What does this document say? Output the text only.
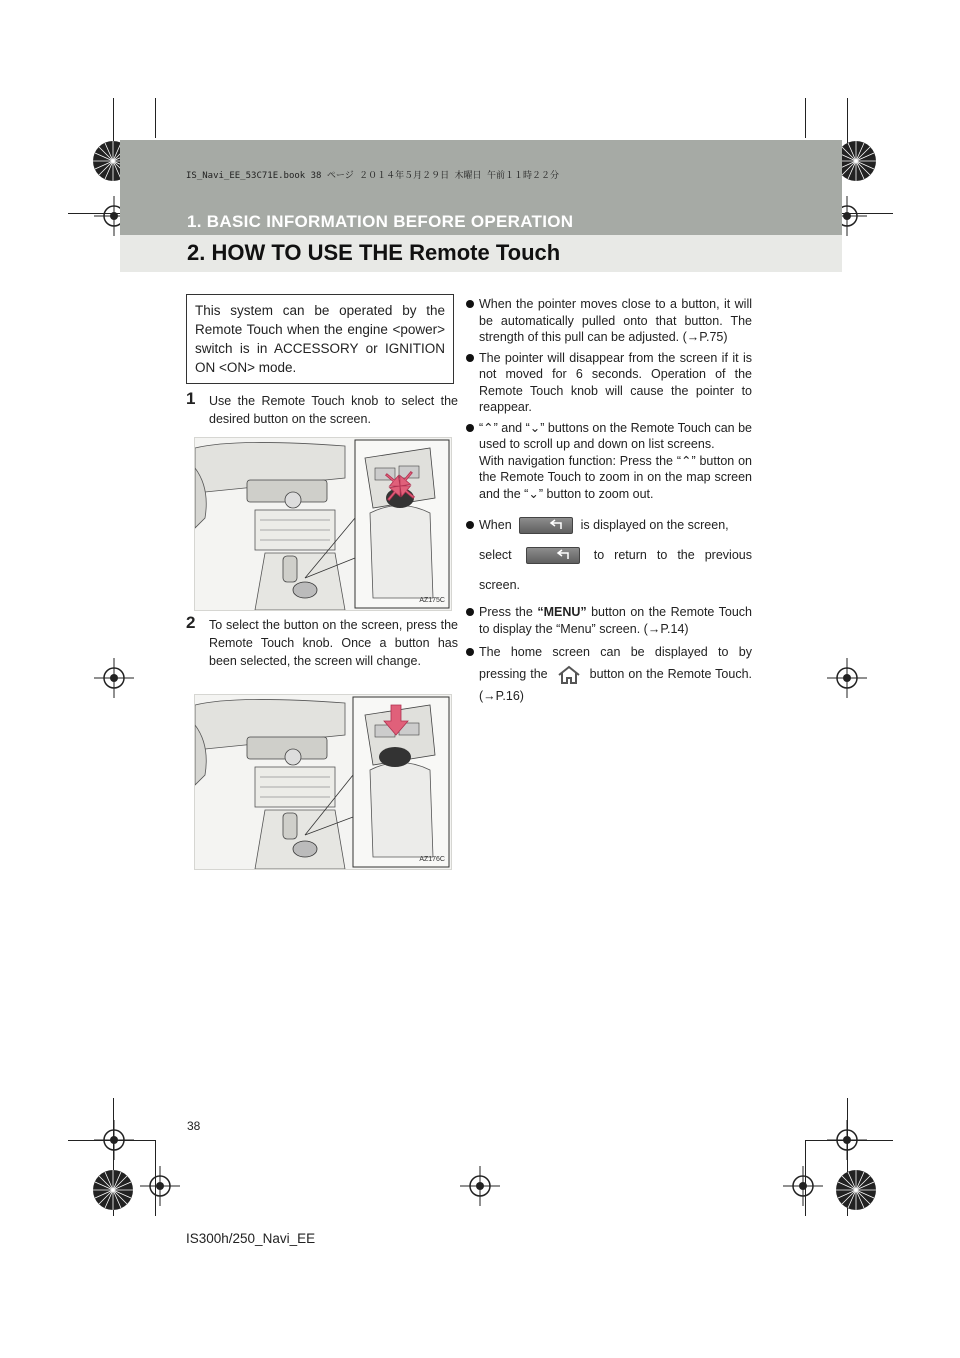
IS_Navi_EE_53C71E.book 38 ページ ２０１４年５月２９日 木曜日 午前１１時２２分
1. BASIC INFORMATION BEFORE OPERATION
2. HOW TO USE THE Remote Touch
This system can be operated by the Remote Touch when the engine <power> switch is in ACCESSORY or IGNITION ON <ON> mode.
1 Use the Remote Touch knob to select the desired button on the screen.
AZ175C
2 To select the button on the screen, press the Remote Touch knob. Once a button has been selected, the screen will change.
AZ176C
When the pointer moves close to a button, it will be automatically pulled onto that button. The strength of this pull can be adjusted. (→P.75)
The pointer will disappear from the screen if it is not moved for 6 seconds. Operation of the Remote Touch knob will cause the pointer to reappear.
“⌃” and “⌄” buttons on the Remote Touch can be used to scroll up and down on list screens.
With navigation function: Press the “⌃” button on the Remote Touch to zoom in on the map screen and the “⌄” button to zoom out.
When	is displayed on the screen,
select	to return to the previous screen.
Press the “MENU” button on the Remote Touch to display the “Menu” screen. (→P.14)
The home screen can be displayed to by pressing the	button on the Remote Touch. (→P.16)
38
IS300h/250_Navi_EE
